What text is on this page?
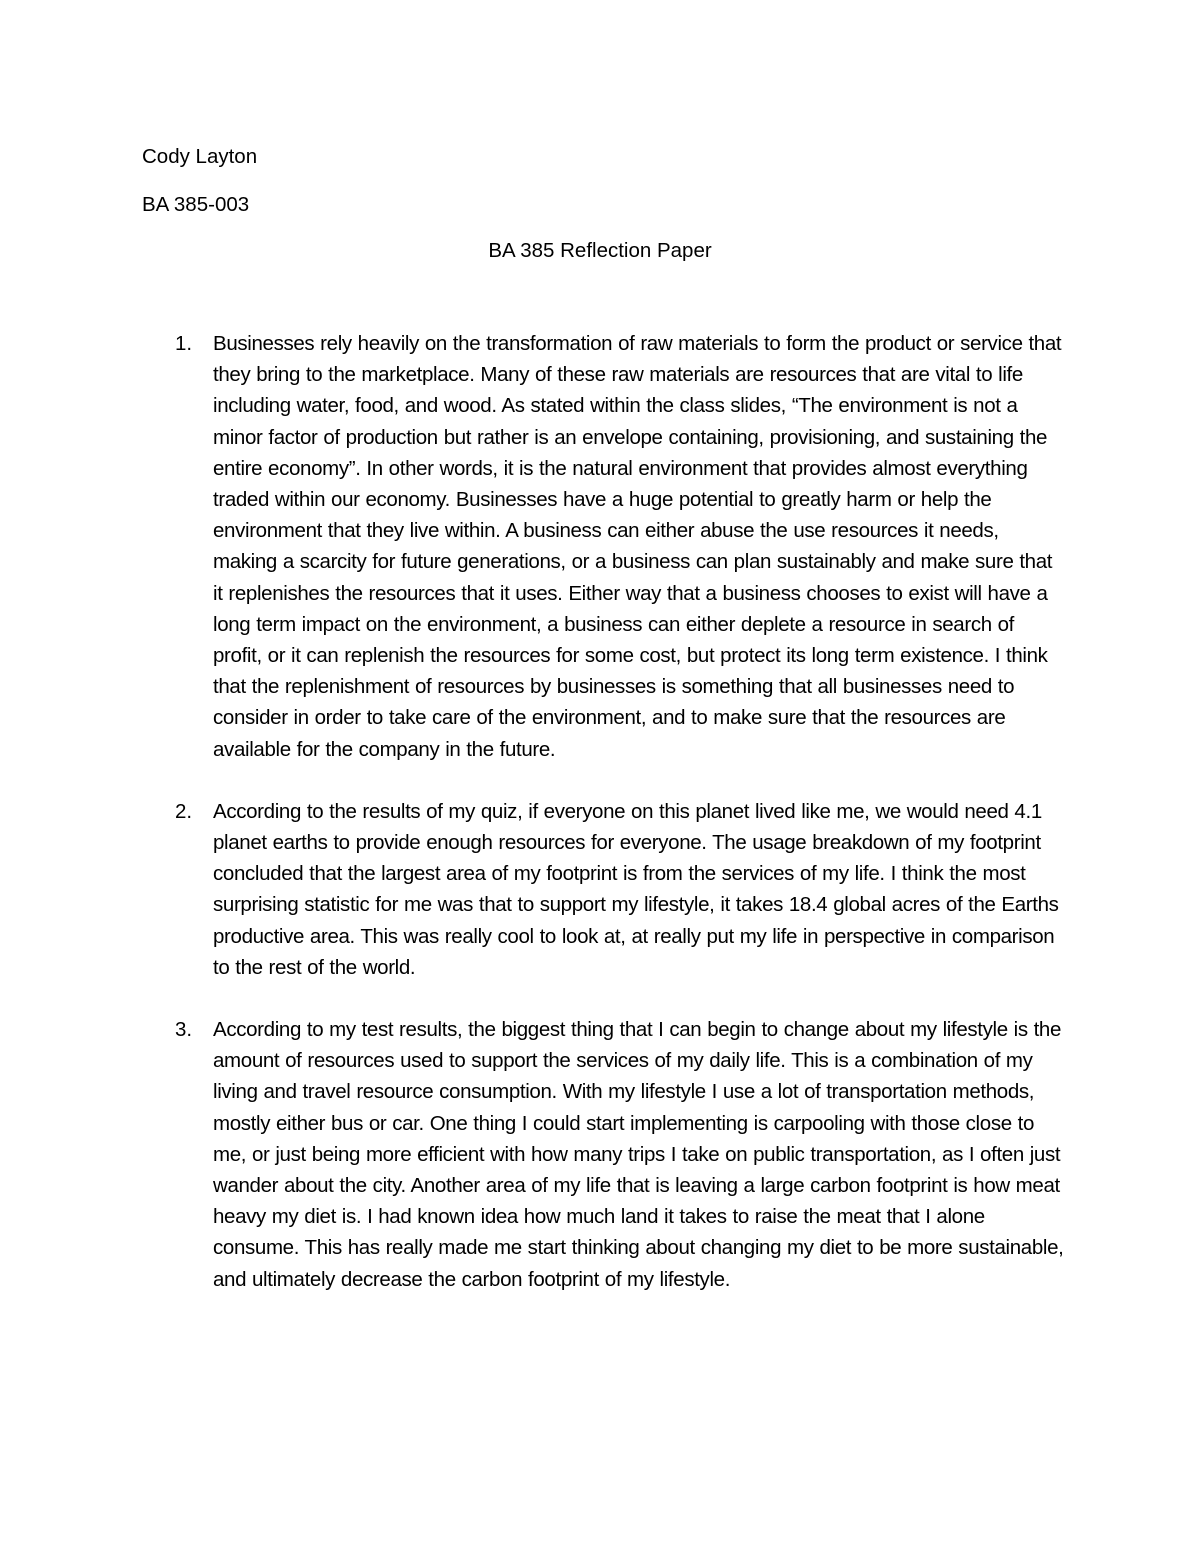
Cody Layton
BA 385-003
BA 385 Reflection Paper
1. Businesses rely heavily on the transformation of raw materials to form the product or service that they bring to the marketplace. Many of these raw materials are resources that are vital to life including water, food, and wood. As stated within the class slides, “The environment is not a minor factor of production but rather is an envelope containing, provisioning, and sustaining the entire economy”. In other words, it is the natural environment that provides almost everything traded within our economy. Businesses have a huge potential to greatly harm or help the environment that they live within. A business can either abuse the use resources it needs, making a scarcity for future generations, or a business can plan sustainably and make sure that it replenishes the resources that it uses. Either way that a business chooses to exist will have a long term impact on the environment, a business can either deplete a resource in search of profit, or it can replenish the resources for some cost, but protect its long term existence. I think that the replenishment of resources by businesses is something that all businesses need to consider in order to take care of the environment, and to make sure that the resources are available for the company in the future.
2. According to the results of my quiz, if everyone on this planet lived like me, we would need 4.1 planet earths to provide enough resources for everyone. The usage breakdown of my footprint concluded that the largest area of my footprint is from the services of my life. I think the most surprising statistic for me was that to support my lifestyle, it takes 18.4 global acres of the Earths productive area. This was really cool to look at, at really put my life in perspective in comparison to the rest of the world.
3. According to my test results, the biggest thing that I can begin to change about my lifestyle is the amount of resources used to support the services of my daily life. This is a combination of my living and travel resource consumption. With my lifestyle I use a lot of transportation methods, mostly either bus or car. One thing I could start implementing is carpooling with those close to me, or just being more efficient with how many trips I take on public transportation, as I often just wander about the city. Another area of my life that is leaving a large carbon footprint is how meat heavy my diet is. I had known idea how much land it takes to raise the meat that I alone consume. This has really made me start thinking about changing my diet to be more sustainable, and ultimately decrease the carbon footprint of my lifestyle.
